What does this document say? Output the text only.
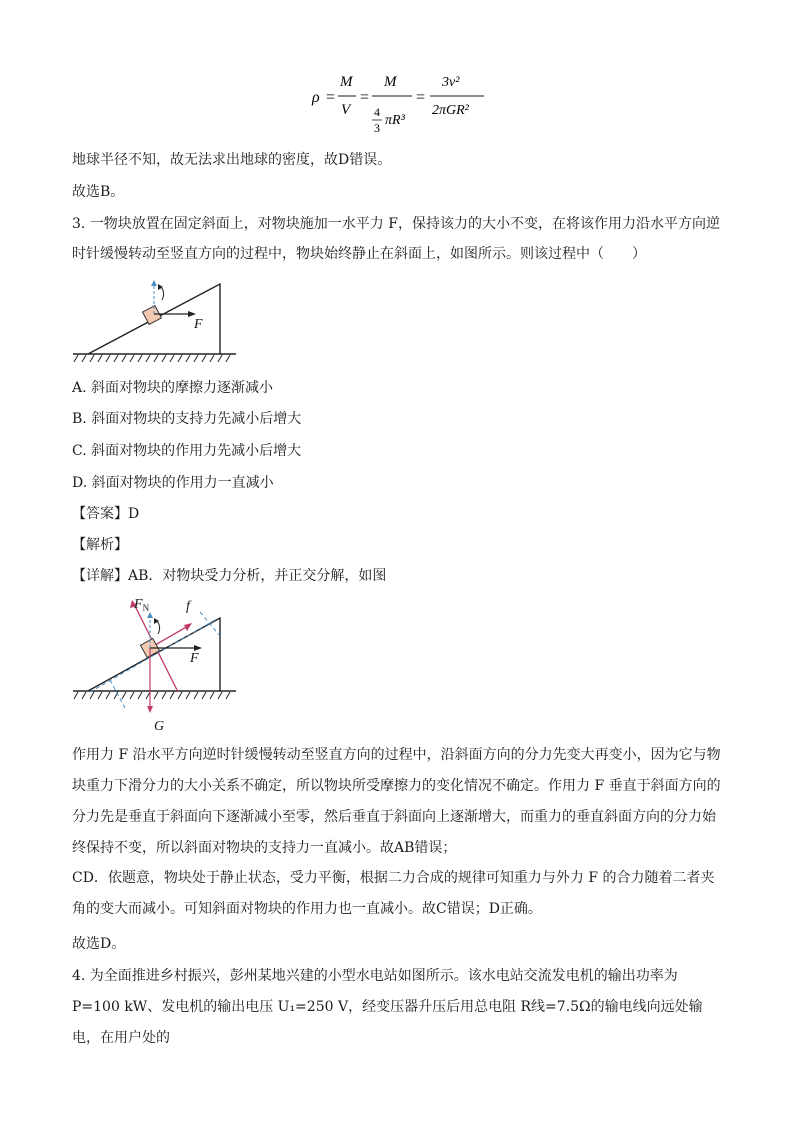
ρ =
M
V
=
M
4
3 πR³
=
3v²
2πGR²
地球半径不知，故无法求出地球的密度，故D错误。
故选B。
3. 一物块放置在固定斜面上，对物块施加一水平力 F，保持该力的大小不变，在将该作用力沿水平方向逆
时针缓慢转动至竖直方向的过程中，物块始终静止在斜面上，如图所示。则该过程中（　　）
F
A. 斜面对物块的摩擦力逐渐减小
B. 斜面对物块的支持力先减小后增大
C. 斜面对物块的作用力先减小后增大
D. 斜面对物块的作用力一直减小
【答案】D
【解析】
【详解】AB．对物块受力分析，并正交分解，如图
$F_N$	f
F
G
作用力 F 沿水平方向逆时针缓慢转动至竖直方向的过程中，沿斜面方向的分力先变大再变小，因为它与物块重力下滑分力的大小关系不确定，所以物块所受摩擦力的变化情况不确定。作用力 F 垂直于斜面方向的分力先是垂直于斜面向下逐渐减小至零，然后垂直于斜面向上逐渐增大，而重力的垂直斜面方向的分力始终保持不变，所以斜面对物块的支持力一直减小。故AB错误；
CD．依题意，物块处于静止状态，受力平衡，根据二力合成的规律可知重力与外力 F 的合力随着二者夹角的变大而减小。可知斜面对物块的作用力也一直减小。故C错误；D正确。
故选D。
4. 为全面推进乡村振兴，彭州某地兴建的小型水电站如图所示。该水电站交流发电机的输出功率为 P=100 kW、发电机的输出电压 U₁=250 V，经变压器升压后用总电阻 R线=7.5Ω的输电线向远处输电，在用户处的
